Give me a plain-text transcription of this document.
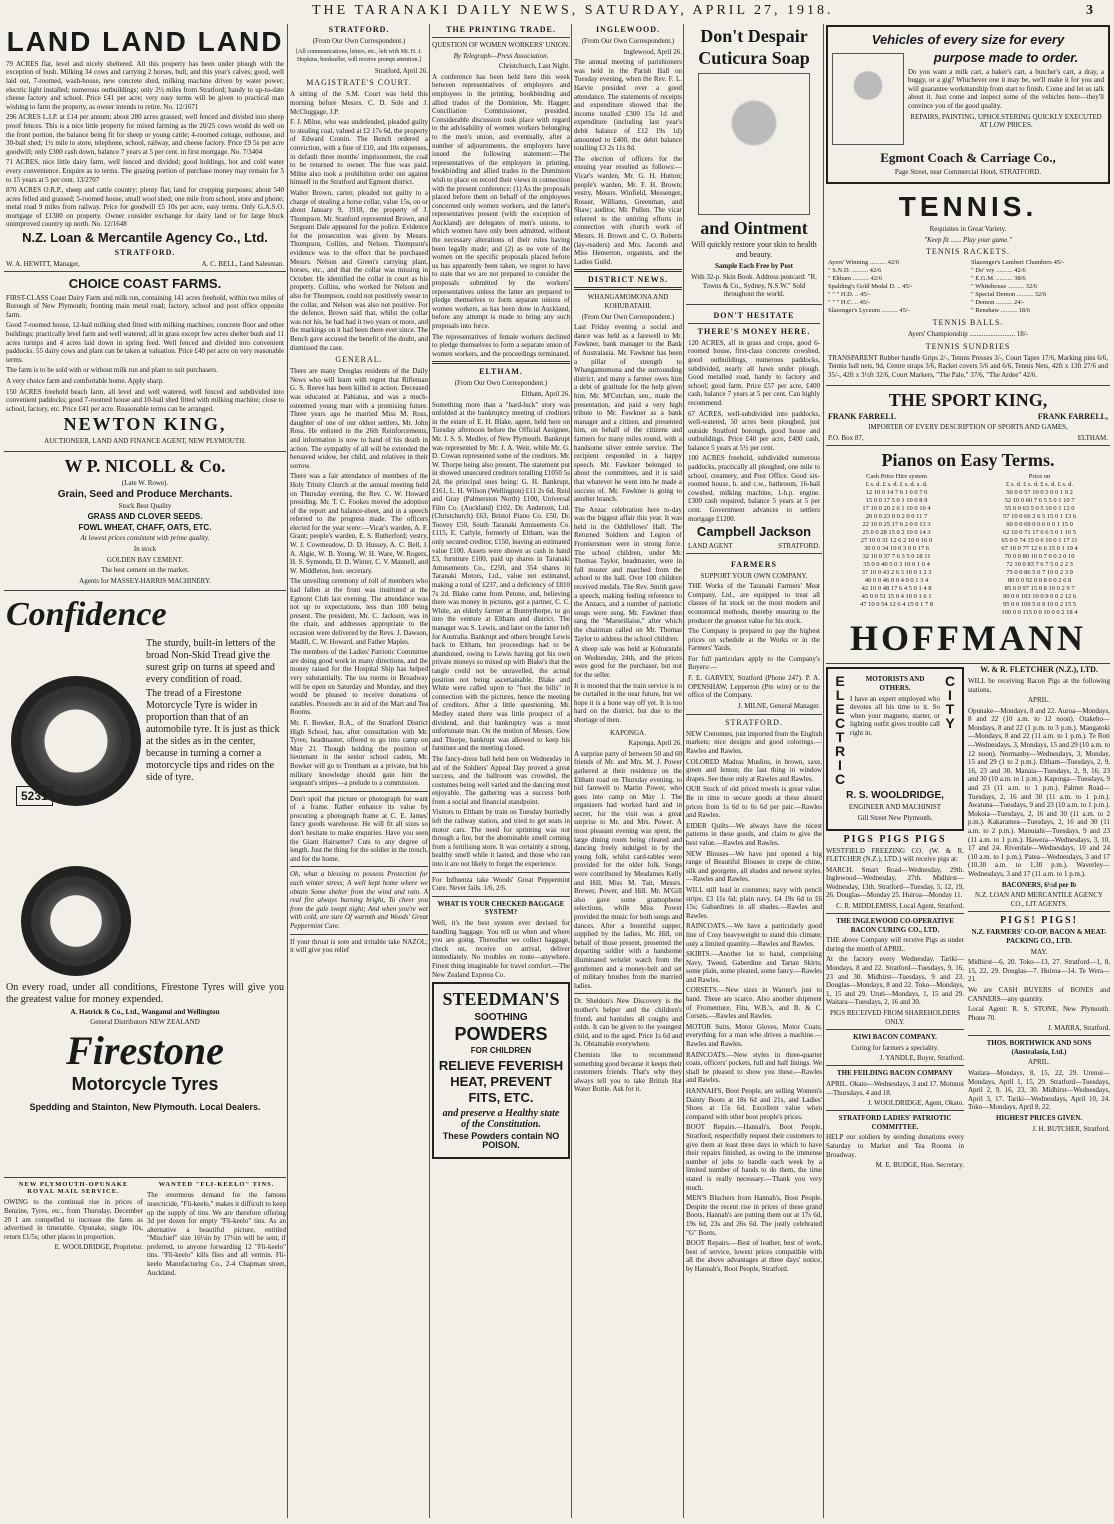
THE TARANAKI DAILY NEWS, SATURDAY, APRIL 27, 1918.	3
LAND LAND LAND

79 ACRES flat, level and nicely sheltered. All this property has been under plough with the exception of bush. Milking 34 cows and carrying 2 horses, bull, and this year's calves; good, well laid out, 7-roomed, wash-house, new concrete shed, milking machine driven by water power; electric light installed; numerous outbuildings; only 2½ miles from Stratford; handy to up-to-date cheese factory and school. Price £41 per acre; very easy terms will be given to practical man wishing to farm the property, as owner intends to retire. No. 12/1671

296 ACRES L.I.P. at £14 per annum; about 280 acres grassed; well fenced and divided into sheep proof fences. This is a nice little property for mixed farming as the 20/25 cows would do well on the front portion, the balance being fit for sheep or young cattle; 4-roomed cottage, outhouse, and 30-bail shed; 1½ mile to store, telephone, school, railway, and cheese factory. Price £9 5s per acre goodwill; only £300 cash down, balance 7 years at 5 per cent. in first mortgage. No. 7/3404

71 ACRES, nice little dairy farm, well fenced and divided; good holdings, hot and cold water every convenience. Enquire as to terms. The grazing portion of purchase money may remain for 5 to 15 years at 5 per cent. 13/2707

870 ACRES O.R.P., sheep and cattle country; plenty flat; land for cropping purposes; about 540 acres felled and grassed; 5-roomed house, small wool shed; one mile from school, store and phone; metal road 9 miles from railway. Price for goodwill £5 10s per acre, easy terms. Only G.A.S.O. mortgage of £1300 on property. Owner consider exchange for dairy land or for large block unimproved country up north. No. 12/1648

N.Z. Loan & Mercantile Agency Co., Ltd.
STRATFORD.
W. A. HEWITT, Manager,	A. C. BELL, Land Salesman.
CHOICE COAST FARMS.

FIRST-CLASS Coast Dairy Farm and milk run, containing 141 acres freehold, within two miles of Borough of New Plymouth; fronting main metal road; factory, school and post office opposite farm.

Good 7-roomed house, 12-bail milking shed fitted with milking machines; concrete floor and other buildings; practically level farm and well watered; all in grass except few acres shelter bush and 11 acres turnips and 4 acres laid down in spring feed. Well fenced and divided into convenient paddocks. 55 dairy cows and plant can be taken at valuation. Price £40 per acre on very reasonable terms.

The farm is to be sold with or without milk run and plant to suit purchasers.

A very choice farm and comfortable home. Apply sharp.

150 ACRES freehold beach farm, all level and well watered, well fenced and subdivided into convenient paddocks; good 7-roomed house and 10-bail shed fitted with milking machine; close to school, factory, etc. Price £41 per acre. Reasonable terms can be arranged.

NEWTON KING,
AUCTIONEER, LAND AND FINANCE AGENT, NEW PLYMOUTH.
W P. NICOLL & Co.
(Late W. Rowe).
Grain, Seed and Produce Merchants.
Stock Best Quality
GRASS AND CLOVER SEEDS.
FOWL WHEAT, CHAFF, OATS, ETC.
At lowest prices consistent with prime quality.
In stock
GOLDEN BAY CEMENT.
The best cement on the market.
Agents for MASSEY-HARRIS MACHINERY.
Confidence
5231

The sturdy, built-in letters of the broad Non-Skid Tread give the surest grip on turns at speed and every condition of road.

The tread of a Firestone Motorcycle Tyre is wider in proportion than that of an automobile tyre. It is just as thick at the sides as in the center, because in turning a corner a motorcycle tips and rides on the side of tyre.

On every road, under all conditions, Firestone Tyres will give you the greatest value for money expended.

A. Hatrick & Co., Ltd., Wanganui and Wellington
General Distributors NEW ZEALAND
Firestone
Motorcycle Tyres
Spedding and Stainton, New Plymouth. Local Dealers.
NEW PLYMOUTH-OPUNAKE ROYAL MAIL SERVICE.

OWING to the continual rise in prices of Benzine, Tyres, etc., from Thursday, December 20 I am compelled to increase the fares as advertised in timetable. Opunake, single 10s, return £1/5s; other places in proportion.

E. WOOLDRIDGE, Proprietor.
WANTED "FLI-KEELO" TINS.

The enormous demand for the famous insecticide, "Fli-keelo," makes it difficult to keep up the supply of tins. We are therefore offering 3d per dozen for empty "Fli-keelo" tins. As an alternative a beautiful picture, entitled "Mischief" size 16½in by 17½in will be sent, if preferred, to anyone forwarding 12 "Fli-keelo" tins. "Fli-keelo" kills flies and all vermin. Fli-keelo Manufacturing Co., 2-4 Chapman street, Auckland.

STRATFORD.
(From Our Own Correspondent.)
[All communications, letters, etc., left with Mr. H. J. Hopkins, bookseller, will receive prompt attention.]
Stratford, April 26.
MAGISTRATE'S COURT.

A sitting of the S.M. Court was held this morning before Messrs. C. D. Sole and J. McCluggage, J.P.

F. J. Milne, who was undefended, pleaded guilty to stealing coal, valued at £2 17s 6d, the property of Edward Cronin. The Bench ordered a conviction, with a fine of £10, and 10s expenses, in default three months' imprisonment, the coal to be returned to owner. The fine was paid. Milne also took a prohibition order out against himself in the Stratford and Egmont district.

Walter Brown, carter, pleaded not guilty to a charge of stealing a horse collar, value 15s, on or about January 9, 1918, the property of J. Thompson. Mr. Stanford represented Brown, and Sergeant Dale appeared for the police. Evidence for the prosecution was given by Messrs. Thompson, Collins, and Nelson. Thompson's evidence was to the effect that he purchased Messrs. Nelson and Green's carrying plant, horses, etc., and that the collar was missing in October. He identified the collar in court as his property. Collins, who worked for Nelson and also for Thompson, could not positively swear to the collar, and Nelson was also not positive. For the defence, Brown said that, whilst the collar was not his, he had had it two years or more, and the markings on it had been there ever since. The Bench gave accused the benefit of the doubt, and dismissed the case.

GENERAL.

There are many Douglas residents of the Daily News who will learn with regret that Rifleman G. S. Reeve has been killed in action. Deceased was educated at Pahiatua, and was a much-esteemed young man with a promising future. Three years ago he married Miss M. Ross, daughter of one of our oldest settlers, Mr. John Ross. He enlisted in the 26th Reinforcements, and information is now to hand of his death in action. The sympathy of all will be extended the bereaved widow, her child, and relatives in their sorrow.

There was a fair attendance of members of the Holy Trinity Church at the annual meeting held on Thursday evening, the Rev. C. W. Howard presiding. Mr. T. C. Fookes moved the adoption of the report and balance-sheet, and in a speech referred to the progress made. The officers elected for the year were:—Vicar's warden, A. F. Grant; people's warden, E. S. Rutherford; vestry, W. J. Cowmeadow, D. D. Hussey, A. C. Bell, J. A. Algie, W. B. Young, W. H. Ware, W. Rogers, H. S. Symonds, D. D. Winter, C. V. Mannell, and W. Middleton, hon. secretary.

The unveiling ceremony of roll of members who had fallen at the front was instituted at the Egmont Club last evening. The attendance was not up to expectations, less than 100 being present. The president, Mr. C. Jackson, was in the chair, and addresses appropriate to the occasion were delivered by the Revs. J. Dawson, Madill, C. W. Howard, and Father Maples.

The members of the Ladies' Patriotic Committee are doing good work in many directions, and the money raised for the Hospital Ship has helped very substantially. The tea rooms in Broadway will be open on Saturday and Monday, and they would be pleased to receive donations of eatables. Proceeds are in aid of the Mart and Tea Rooms.

Mr. F. Bowker, B.A., of the Stratford District High School, has, after consultation with Mr. Tyree, headmaster, offered to go into camp on May 21. Though holding the position of lieutenant in the senior school cadets, Mr. Bowker will go to Trentham as a private, but his military knowledge should gain him the sergeant's stripes—a prelude to a commission.

Don't spoil that picture or photograph for want of a frame. Rather enhance its value by procuring a photograph frame at C. E. James' fancy goods warehouse. He will fit all sizes so don't hesitate to make enquiries. Have you seen the Giant Hairsetter? Cuts to any degree of length. Just the thing for the soldier in the trench, and for the home.

Oh, what a blessing to possess Protection for each winter stress; A well kept home where we obtain Some shelter from the wind and rain. A real fire always burning bright, To cheer you from the gale swept night; And when you're wet with cold, are sure Of warmth and Woods' Great Peppermint Cure.

If your throat is sore and irritable take NAZOL; it will give you relief

THE PRINTING TRADE.
QUESTION OF WOMEN WORKERS' UNION.
By Telegraph—Press Association.
Christchurch, Last Night.

A conference has been held here this week between representatives of employers and employees in the printing, bookbinding and allied trades of the Dominion, Mr. Hagger, Conciliation Commissioner, presided. Considerable discussion took place with regard to the advisability of women workers belonging to the men's union, and eventually, after a number of adjournments, the employers have issued the following statement:—The representatives of the employers in printing, bookbinding and allied trades in the Dominion wish to place on record their views in connection with the present conference: (1) As the proposals placed before them on behalf of the employees concerned only women workers, and the latter's representatives present (with the exception of Auckland) are delegates of men's unions, to which women have only been admitted, without the necessary alterations of their rules having been legally made; and (2) as no vote of the women on the specific proposals placed before us has apparently been taken, we regret to have to state that we are not prepared to consider the proposals submitted by the workers' representatives unless the latter are prepared to pledge themselves to form separate unions of women workers, as has been done in Auckland, before any attempt is made to bring any such proposals into force.

The representatives of female workers declined to pledge themselves to form a separate union of women workers, and the proceedings terminated.

ELTHAM.
(From Our Own Correspondent.)
Eltham, April 26.

Something more than a "hard-luck" story was unfolded at the bankruptcy meeting of creditors in the estate of E. H. Blake, agent, held here on Tuesday afternoon before the Official Assignee, Mr. J. S. S. Medley, of New Plymouth. Bankrupt was represented by Mr. J. A. Weir, while Mr. G. D. Cowan represented some of the creditors. Mr. W. Thorpe being also present. The statement put in showed unsecured creditors totalling £1050 5s 2d, the principal ones being: G. H. Bankrupt, £161, L. H. Wilson (Wellington) £11 2s 6d, Reid and Gray (Palmerston North) £100, Universal Film Co. (Auckland) £102, Dr. Anderson, Ltd. (Christchurch) £63, Bristol Piano Co. £50, Dr. Toovey £50, South Taranaki Amusements Co. £115, E. Carlyle, formerly of Eltham, was the only secured creditor, £150, leaving an estimated value £100. Assets were shown as cash in hand £3, furniture £100, paid up shares in Taranaki Amusements Co., £250, and 354 shares in Taranaki Motors, Ltd., value not estimated, making a total of £237, and a deficiency of £810 7s 2d. Blake came from Petone, and, believing there was money in pictures, got a partner, C. C. White, an elderly farmer at Bunnythorpe, to go into the venture at Eltham and district. The manager was S. Lewis, and later on the latter left for Australia. Bankrupt and others brought Lewis back to Eltham, but proceedings had to be abandoned, owing to Lewis having got his own private moneys so mixed up with Blake's that the tangle could not be unravelled, the actual position not being ascertainable. Blake and White were called upon to "foot the bills" in connection with the pictures, hence the meeting of creditors. After a little questioning, Mr. Medley stated there was little prospect of a dividend, and that bankruptcy was a most unfortunate man. On the motion of Messrs. Gow and Thorpe, bankrupt was allowed to keep his furniture and the meeting closed.

The fancy-dress ball held here on Wednesday in aid of the Soldiers' Appeal Day proved a great success, and the ballroom was crowded, the costumes being well varied and the dancing most enjoyable. The gathering was a success both from a social and financial standpoint.

Visitors to Eltham by train on Tuesday hurriedly left the railway station, and tried to get seats in motor cars. The need for sprinting was not through a fire, but the abominable smell coming from a fertilising store. It was certainly a strong, healthy smell while it lasted, and those who ran into it are not likely to forget the experience.

For Influenza take Woods' Great Peppermint Cure. Never fails. 1/6, 2/6.

WHAT IS YOUR CHECKED BAGGAGE SYSTEM?

Well, it's the best system ever devised for handling baggage. You tell us when and where you are going. Thereafter we collect baggage, check on, receive on arrival, deliver immediately. No troubles en route—anywhere. Finest thing imaginable for travel comfort.—The New Zealand Express Co.

STEEDMAN'S
SOOTHING
POWDERS
FOR CHILDREN
RELIEVE FEVERISH HEAT, PREVENT FITS, ETC.
and preserve a Healthy state of the Constitution.
These Powders contain NO POISON.
INGLEWOOD.
(From Our Own Correspondent.)
Inglewood, April 26.

The annual meeting of parishioners was held in the Parish Hall on Tuesday evening, when the Rev. F. L. Harvie presided over a good attendance. The statements of receipts and expenditure showed that the income totalled £300 15s 1d and expenditure (including last year's debit balance of £12 19s 1d) amounted to £400, the debit balance totalling £3 2s 11s 8d.

The election of officers for the ensuing year resulted as follows:—Vicar's warden, Mr. G. H. Hutton; people's warden, Mr. F. H. Brown; vestry, Messrs. Winfield, Messenger, Rosser, Williams, Greenman, and Shaw; auditor, Mr. Pullen. The vicar referred to the untiring efforts in connection with church work of Messrs. H. Brown and C. O. Roberts (lay-readers) and Mrs. Jacomb and Miss Hemerton, organists, and the Ladies Guild.

DISTRICT NEWS.
WHANGAMOMONA AND KOHURATAHI.
(From Our Own Correspondent.)

Last Friday evening a social and dance was held as a farewell to Mr. Fawkner, bank manager to the Bank of Australasia. Mr. Fawkner has been a pillar of strength to Whangamomona and the surrounding district, and many a farmer owes him a debt of gratitude for the help given him. Mr. M'Cutchan, sen., made the presentation, and paid a very high tribute to Mr. Fawkner as a bank manager and a citizen, and presented him, on behalf of the citizens and farmers for many miles round, with a handsome silver entrée service. The recipient responded in a happy speech. Mr. Fawkner belonged to about the committees, and it is said that whatever he went into he made a success of. Mr. Fawkner is going to another branch.

The Anzac celebration here to-day was the biggest affair this year. It was held in the Oddfellows' Hall. The Returned Soldiers and Legion of Frontiersmen were in strong force. The school children, under Mr. Thomas Taylor, headmaster, were in full muster and marched from the school to the hall. Over 100 children received medals. The Rev. Smith gave a speech, making feeling reference to the Anzacs, and a number of patriotic songs were sung. Mr. Fawkner then sang the "Marseillaise," after which the chairman called on Mr. Thomas Taylor to address the school children.

A sheep sale was held at Kohuratahi on Wednesday, 24th, and the prices were good for the purchaser, but not for the seller.

It is mooted that the train service is to be curtailed in the near future, but we hope it is a bone way off yet. It is too hard on the district, but due to the shortage of men.

KAPONGA.
Kaponga, April 26.

A surprise party of between 50 and 60 friends of Mr. and Mrs. M. J. Power gathered at their residence on the Eltham road on Thursday evening, to bid farewell to Martin Power, who goes into camp on May 1. The organisers had worked hard and in secret, for the visit was a great surprise to Mr. and Mrs. Power. A most pleasant evening was spent, the large dining room being cleared and dancing freely indulged in by the young folk, whilst card-tables were provided for the older folk. Songs were contributed by Mesdames Kelly and Hill, Miss M. Tait, Messrs. Brewer, Power, and Hill. Mr. M'Gill also gave some gramophone selections, while Miss Power provided the music for both songs and dances. After a bountiful supper, supplied by the ladies, Mr. Hill, on behalf of those present, presented the departing soldier with a handsome illuminated wristlet watch from the gentlemen and a money-belt and set of military brushes from the married ladies.

Dr. Sheldon's New Discovery is the mother's helper and the children's friend, and banishes all coughs and colds. It can be given to the youngest child, and to the aged. Price 1s 6d and 3s. Obtainable everywhere.

Chemists like to recommend something good because it keeps their customers friends. That's why they always tell you to take British Hat Water Bottle. Ask for it.

Don't Despair
Cuticura Soap
and Ointment

Will quickly restore your skin to health and beauty.

Sample Each Free by Post

With 32-p. Skin Book. Address postcard: "R. Towns & Co., Sydney, N.S.W." Sold throughout the world.

DON'T HESITATE
THERE'S MONEY HERE.

120 ACRES, all in grass and crops, good 6-roomed house, first-class concrete cowshed, good outbuildings, numerous paddocks, subdivided, nearly all hawn under plough. Good metalled road, handy to factory and school; good farm. Price £57 per acre, £400 cash, balance 7 years at 5 per cent. Can highly recommend.

67 ACRES, well-subdivided into paddocks, well-watered, 50 acres been ploughed, just outside Stratford borough, good house and outbuildings. Price £40 per acre, £400 cash, balance 5 years at 5½ per cent.

100 ACRES freehold, subdivided numerous paddocks, practically all ploughed, one mile to school, creamery, and Post Office. Good six-roomed house, h. and c.w., bathroom, 16-bail cowshed, milking machine, 1-h.p. engine. £300 cash required, balance 5 years at 5 per cent. Government advances to settlers mortgage £1200.

Campbell Jackson
LAND AGENT	STRATFORD.
FARMERS
SUPPORT YOUR OWN COMPANY.

THE Works of the Taranaki Farmers' Meat Company, Ltd., are equipped to treat all classes of fat stock on the most modern and economical methods, thereby ensuring to the producer the greatest value for his stock.

The Company is prepared to pay the highest prices on schedule at the Works or in the Farmers' Yards.

For full particulars apply to the Company's Buyers:—

F. E. GARVEY, Stratford (Phone 247). P. A. OPENSHAW, Lepperton (Pte wire) or to the office of the Company.

J. MILNE, General Manager.
STRATFORD.

NEW Cretonnes, just imported from the English markets; nice designs and good colorings.—Rawles and Rawles.

COLORED Madras Muslins, in brown, saxe, green and lemon; the last thing in window drapes. See these only at Rawles and Rawles.

OUR Stock of old priced towels is great value. Be in time to secure goods at these absurd prices from 1s 6d to 6s 6d per pair.—Rawles and Rawles.

EIDER Quilts—We always have the nicest patterns in these goods, and claim to give the best value.—Rawles and Rawles.

NEW Blouses—We have just opened a big range of Beautiful Blouses in crepe de chine, silk and georgette, all shades and newest styles.—Rawles and Rawles.

WILL still lead in costumes; navy with pencil stripe, £3 11s 6d; plain navy, £4 19s 6d to £6 15s; Gabardines in all shades.—Rawles and Rawles.

RAINCOATS.—We have a particularly good line of Cosy heavyweight to stand this climate; only a limited quantity.—Rawles and Rawles.

SKIRTS.—Another lot to hand, comprising Navy, Tweed, Gaberdine and Tartan Skirts; some plain, some pleated, some fancy.—Rawles and Rawles.

CORSETS.—New sizes in Warner's just to hand. These are scarce. Also another shipment of Fromenture, Fitu, W.B.'s, and B. & C. Corsets.—Rawles and Rawles.

MOTOR Suits, Motor Gloves, Motor Coats; everything for a man who drives a machine.—Rawles and Rawles.

RAINCOATS.—New styles in three-quarter coats, officers' pockets, full and half linings. We shall be pleased to show you these.—Rawles and Rawles.

HANNAH'S, Boot People, are selling Women's Dainty Boots at 18s 6d and 21s, and Ladies' Shoes at 15s 6d. Excellent value when compared with other boot people's prices.

BOOT Repairs.—Hannah's, Boot People, Stratford, respectfully request their customers to give them at least three days in which to have their repairs finished, as owing to the immense number of jobs to handle each week by a limited number of hands to do them, the time stated is really necessary.—Thank you very much.

MEN'S Bluchers from Hannah's, Boot People. Despite the recent rise in prices of these grand Boots, Hannah's are putting them out at 17s 6d, 19s 6d, 23s and 26s 6d. The justly celebrated "G" Boots.

BOOT Repairs.—Best of leather, best of work, best of service, lowest prices compatible with all the above advantages at three days' notice, by Hannah's, Boot People, Stratford.

Vehicles of every size for every
purpose made to order.

Do you want a milk cart, a baker's cart, a butcher's cart, a dray, a buggy, or a gig? Whichever one it may be, we'll make it for you and will guarantee workmanship from start to finish. Come and let us talk about it. Just come and inspect some of the vehicles here—they'll convince you of the good quality.

REPAIRS, PAINTING, UPHOLSTERING QUICKLY EXECUTED AT LOW PRICES.
Egmont Coach & Carriage Co.,
Page Street, near Commercial Hotel, STRATFORD.
TENNIS.
Requisites in Great Variety.
"Keep fit ...... Play your game."
TENNIS RACKETS.
Ayers' Winning .......... 42/6
" S.N.D. .......... 42/6
" Eltham .......... 42/6
Spalding's Gold Medal D. .. 45/-
" " " H.D. .. 45/-
" " " H.C. .. 45/-
Slazenger's Lyceum .......... 45/-
Slazenger's Lambert Chambers 45/-
" Do' vry .......... 42/6
" E.G.M. .......... 38/6
" Whitehouse .......... 32/6
" Special Demon .......... 32/6
" Demon .......... 24/-
" Renshaw .......... 18/6
TENNIS BALLS.
Ayers' Championship .......................... 18/-
TENNIS SUNDRIES

TRANSPARENT Rubber handle Grips 2/-, Tennis Presses 3/-, Court Tapes 17/6, Marking pins 6/6, Tennis ball nets, 9d, Centre straps 3/6, Racket covers 5/6 and 6/6, Tennis Nets, 42ft x 13ft 27/6 and 35/-, 42ft x 3½ft 32/6, Court Markers, "The Pale," 37/6, "The Ardee" 42/6.

THE SPORT KING,
FRANK FARRELL	FRANK FARRELL,
IMPORTER OF EVERY DESCRIPTION OF SPORTS AND GAMES,
P.O. Box 87,	ELTHAM.
Pianos on Easy Terms.
Cash Price Hire system
£ s. d. £ s. d. £ s. d. s. d.
12 10 0 14 7 6 1 0 0 7 0
15 0 0 17 5 0 1 10 0 8 9
17 10 0 20 2 6 1 10 0 10 4
20 0 0 23 0 0 2 0 0 11 7
22 10 0 25 17 6 2 0 0 13 3
25 0 0 28 15 0 2 10 0 14 3
27 10 0 31 12 6 2 10 0 16 0
30 0 0 34 10 0 3 0 0 17 6
32 10 0 37 7 6 3 5 0 18 11
35 0 0 40 5 0 3 10 0 1 0 4
37 10 0 43 2 6 3 10 0 1 2 3
40 0 0 46 0 0 4 0 0 1 3 4
42 10 0 48 17 6 4 5 0 1 4 8
45 0 0 51 15 0 4 10 0 1 6 1
47 10 0 54 12 6 4 15 0 1 7 8
Price on
£ s. d. £ s. d. £ s. d. £ s. d.
50 0 0 57 10 0 5 0 0 1 9 2
52 10 0 60 7 6 5 5 0 1 10 7
55 0 0 63 5 0 5 10 0 1 12 0
57 10 0 66 2 6 5 15 0 1 13 6
60 0 0 69 0 0 6 0 0 1 15 0
62 10 0 71 17 6 6 5 0 1 16 5
65 0 0 74 15 0 6 10 0 1 17 11
67 10 0 77 12 6 6 15 0 1 19 4
70 0 0 80 10 0 7 0 0 2 0 10
72 10 0 83 7 6 7 5 0 2 2 3
75 0 0 86 5 0 7 10 0 2 3 9
80 0 0 92 0 0 8 0 0 2 6 8
85 0 0 97 15 0 8 10 0 2 9 7
90 0 0 103 10 0 9 0 0 2 12 6
95 0 0 109 5 0 9 10 0 2 15 5
100 0 0 115 0 0 10 0 0 2 18 4
HOFFMANN
ELECTRIC	MOTORISTS AND OTHERS.

I have an expert employed who devotes all his time to it. So when your magneto, starter, or lighting outfit gives trouble call right in.

CITY
R. S. WOOLDRIDGE,
ENGINEER AND MACHINIST
Gill Street New Plymouth.
PIGS PIGS PIGS

WESTFIELD FREEZING CO. (W. & R. FLETCHER (N.Z.), LTD.) will receive pigs at:

MARCH. Smart Road—Wednesday, 29th. Inglewood—Wednesday, 27th. Midhirst—Wednesday, 13th. Stratford—Tuesday, 5, 12, 19, 26. Douglas—Monday 25. Huiroa—Monday 11.

C. R. MIDDLEMISS, Local Agent, Stratford.
THE INGLEWOOD CO-OPERATIVE BACON CURING CO., LTD.

THE above Company will receive Pigs as under during the month of APRIL.

At the factory every Wednesday. Tariki—Mondays, 8 and 22. Stratford—Tuesdays, 9, 16, 23 and 30. Midhirst—Tuesdays, 9 and 23. Douglas—Mondays, 8 and 22. Toko—Mondays, 1, 15 and 29. Uruti—Mondays, 1, 15 and 29. Waitara—Tuesdays, 2, 16 and 30.

PIGS RECEIVED FROM SHAREHOLDERS ONLY.
KIWI BACON COMPANY.

Curing for farmers a speciality.

J. YANDLE, Buyer, Stratford.
THE FEILDING BACON COMPANY

APRIL. Okato—Wednesdays, 3 and 17. Motunui—Thursdays, 4 and 18.

J. WOOLDRIDGE, Agent, Okato.
STRATFORD LADIES' PATRIOTIC COMMITTEE.

HELP our soldiers by sending donations every Saturday to Market and Tea Rooms in Broadway.

M. E. BUDGE, Hon. Secretary.
W. & R. FLETCHER (N.Z.), LTD.

WILL be receiving Bacon Pigs at the following stations,

APRIL.

Opunake—Mondays, 8 and 22. Auroa—Mondays, 8 and 22 (10 a.m. to 12 noon). Otakeho—Mondays, 8 and 22 (1 p.m. to 3 p.m.). Mangatoki—Mondays, 8 and 22 (11 a.m. to 1 p.m.). Te Roti—Wednesdays, 3, Mondays, 15 and 29 (10 a.m. to 12 noon). Normanby—Wednesdays, 3, Monday, 15 and 29 (1 to 2 p.m.). Eltham—Tuesdays, 2, 9, 16, 23 and 30. Manaia—Tuesdays, 2, 9, 16, 23 and 30 (10 a.m. to 1 p.m.). Kaponga—Tuesdays, 9 and 23 (11 a.m. to 1 p.m.). Palmer Road—Tuesdays, 2, 16 and 30 (11 a.m. to 1 p.m.). Awatuna—Tuesdays, 9 and 23 (10 a.m. to 1 p.m.). Mokoia—Tuesdays, 2, 16 and 30 (11 a.m. to 2 p.m.). Kakaramea—Tuesdays, 2, 16 and 30 (11 a.m. to 2 p.m.). Manutahi—Tuesdays, 9 and 23 (11 a.m. to 1 p.m.). Hawera—Wednesdays, 3, 10, 17 and 24. Riverdale—Wednesdays, 10 and 24 (10 a.m. to 1 p.m.). Patea—Wednesdays, 3 and 17 (10.30 a.m. to 1.30 p.m.). Waverley—Wednesdays, 3 and 17 (11 a.m. to 1 p.m.).

BACONERS, 6½d per lb
N.Z. LOAN AND MERCANTILE AGENCY CO., LIT AGENTS.
PIGS! PIGS!
N.Z. FARMERS' CO-OP. BACON & MEAT-PACKING CO., LTD.
MAY.

Midhirst—6, 20. Toko—13, 27. Stratford—1, 8, 15, 22, 29. Douglas—7. Huiroa—14. Te Wera—21.

We are CASH BUYERS of BONES and CANNERS—any quantity.

Local Agent: R. S. STONE, New Plymouth. Phone 70.

J. MARRA, Stratford.
THOS. BORTHWICK AND SONS (Australasia, Ltd.)
APRIL.

Waitara—Mondays, 8, 15, 22, 29. Urenui—Mondays, April 1, 15, 29. Stratford—Tuesdays, April 2, 9, 16, 23, 30. Midhirst—Wednesdays, April 3, 17. Tariki—Wednesdays, April 10, 24. Toko—Mondays, April 8, 22.

HIGHEST PRICES GIVEN.
J. H. BUTCHER, Stratford.
